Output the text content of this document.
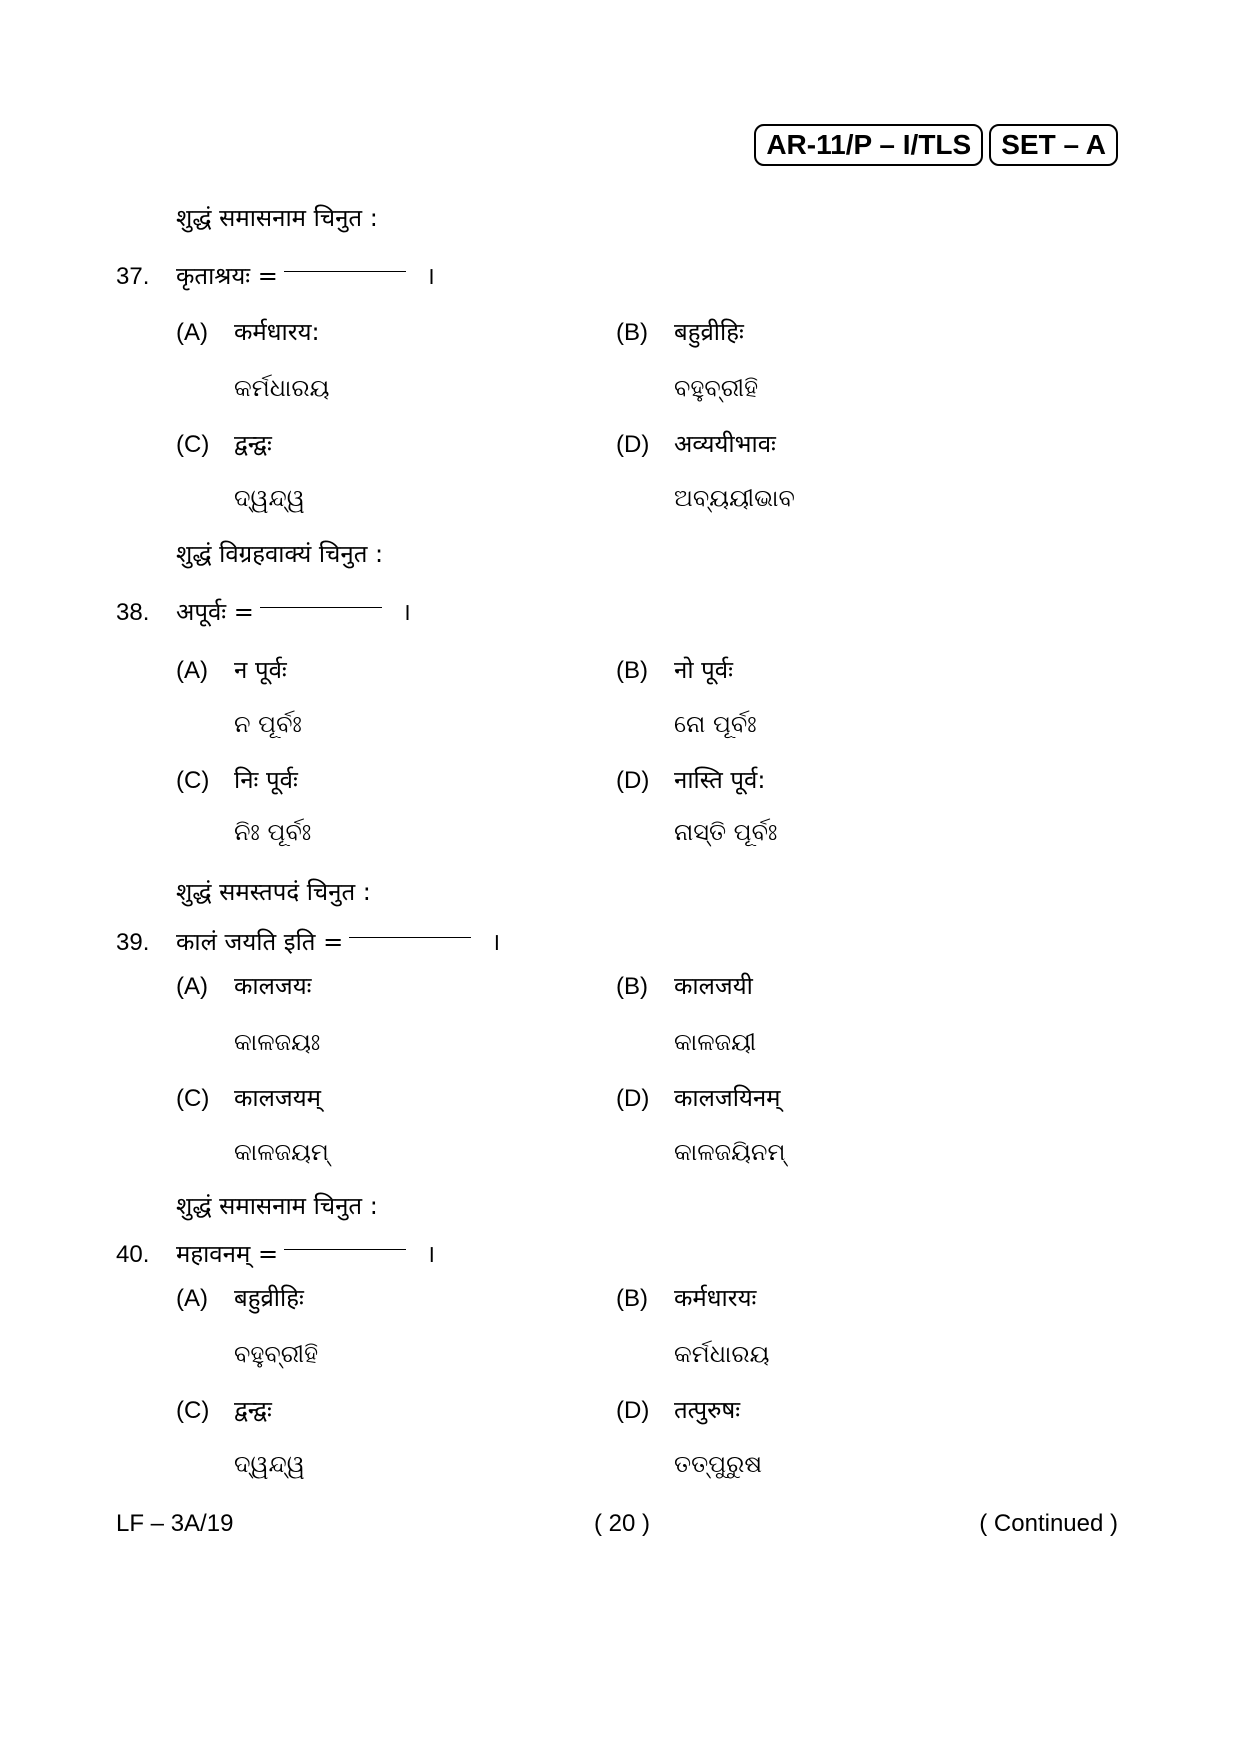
AR-11/P – I/TLS	SET – A
शुद्धं समासनाम चिनुत :
37.	कृताश्रयः =	।
(A)	कर्मधारय:
କର୍ମଧାରୟ
(B)	बहुव्रीहिः
ବହୁବ୍ରୀହି
(C)	द्वन्द्वः
ଦ୍ୱନ୍ଦ୍ୱ
(D)	अव्ययीभावः
ଅବ୍ୟୟୀଭାବ
शुद्धं विग्रहवाक्यं चिनुत :
38.	अपूर्वः =	।
(A)	न पूर्वः
ନ ପୂର୍ବଃ
(B)	नो पूर्वः
ନୋ ପୂର୍ବଃ
(C)	निः पूर्वः
ନିଃ ପୂର୍ବଃ
(D)	नास्ति पूर्व:
ନାସ୍ତି ପୂର୍ବଃ
शुद्धं समस्तपदं चिनुत :
39.	कालं जयति इति =	।
(A)	कालजयः
କାଳଜୟଃ
(B)	कालजयी
କାଳଜୟୀ
(C)	कालजयम्
କାଳଜୟମ୍
(D)	कालजयिनम्
କାଳଜୟିନମ୍
शुद्धं समासनाम चिनुत :
40.	महावनम् =	।
(A)	बहुव्रीहिः
ବହୁବ୍ରୀହି
(B)	कर्मधारयः
କର୍ମଧାରୟ
(C)	द्वन्द्वः
ଦ୍ୱନ୍ଦ୍ୱ
(D)	तत्पुरुषः
ତତ୍ପୁରୁଷ
LF – 3A/19	( 20 )	( Continued )
